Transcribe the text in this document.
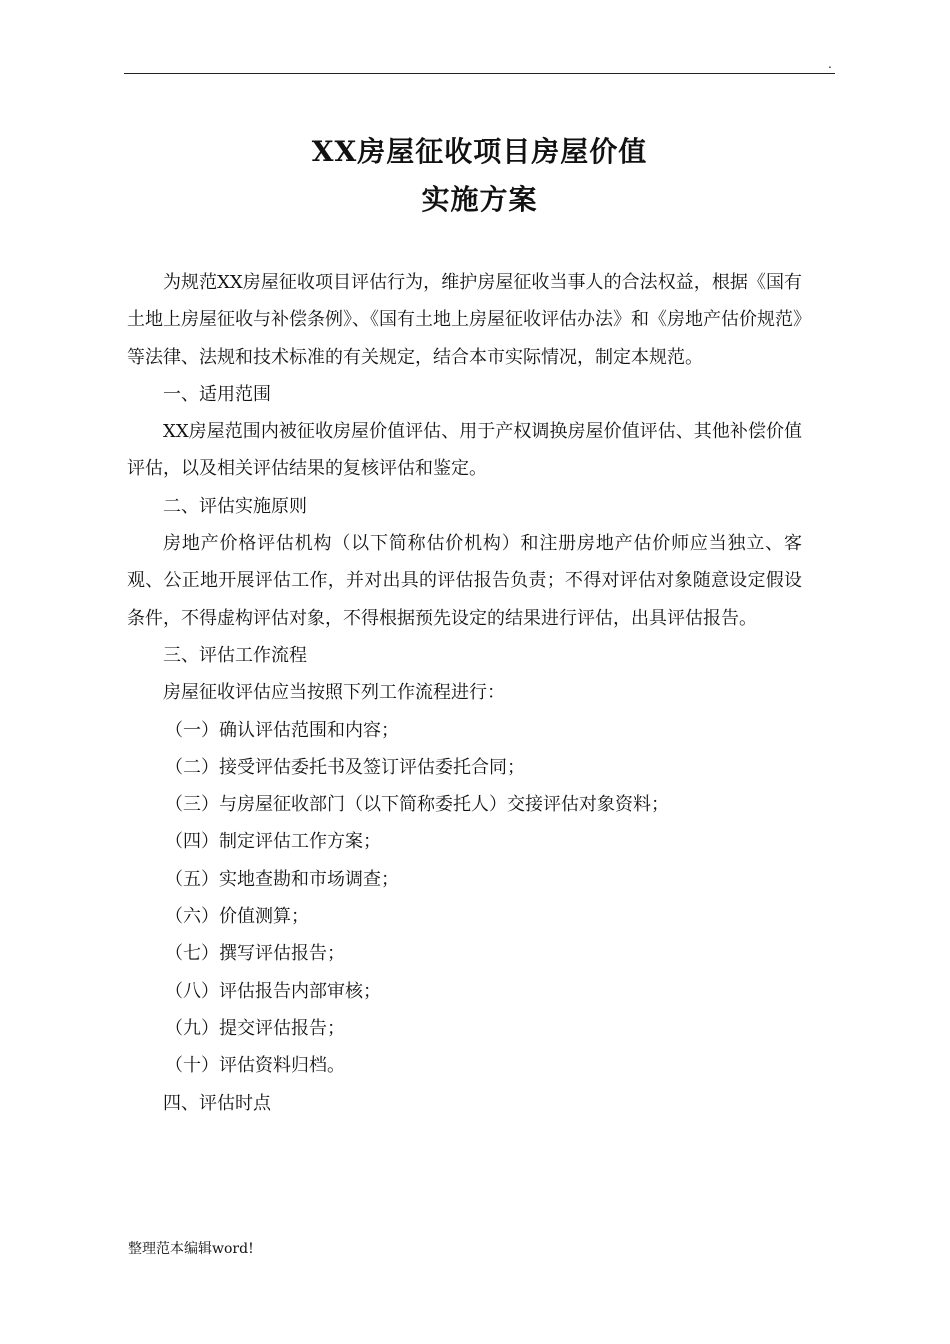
.
XX房屋征收项目房屋价值
实施方案

为规范XX房屋征收项目评估行为，维护房屋征收当事人的合法权益，根据《国有土地上房屋征收与补偿条例》、《国有土地上房屋征收评估办法》和《房地产估价规范》等法律、法规和技术标准的有关规定，结合本市实际情况，制定本规范。

一、适用范围

XX房屋范围内被征收房屋价值评估、用于产权调换房屋价值评估、其他补偿价值评估，以及相关评估结果的复核评估和鉴定。

二、评估实施原则

房地产价格评估机构（以下简称估价机构）和注册房地产估价师应当独立、客观、公正地开展评估工作，并对出具的评估报告负责；不得对评估对象随意设定假设条件，不得虚构评估对象，不得根据预先设定的结果进行评估，出具评估报告。

三、评估工作流程

房屋征收评估应当按照下列工作流程进行：

（一）确认评估范围和内容；

（二）接受评估委托书及签订评估委托合同；

（三）与房屋征收部门（以下简称委托人）交接评估对象资料；

（四）制定评估工作方案；

（五）实地查勘和市场调查；

（六）价值测算；

（七）撰写评估报告；

（八）评估报告内部审核；

（九）提交评估报告；

（十）评估资料归档。

四、评估时点

整理范本编辑word!
